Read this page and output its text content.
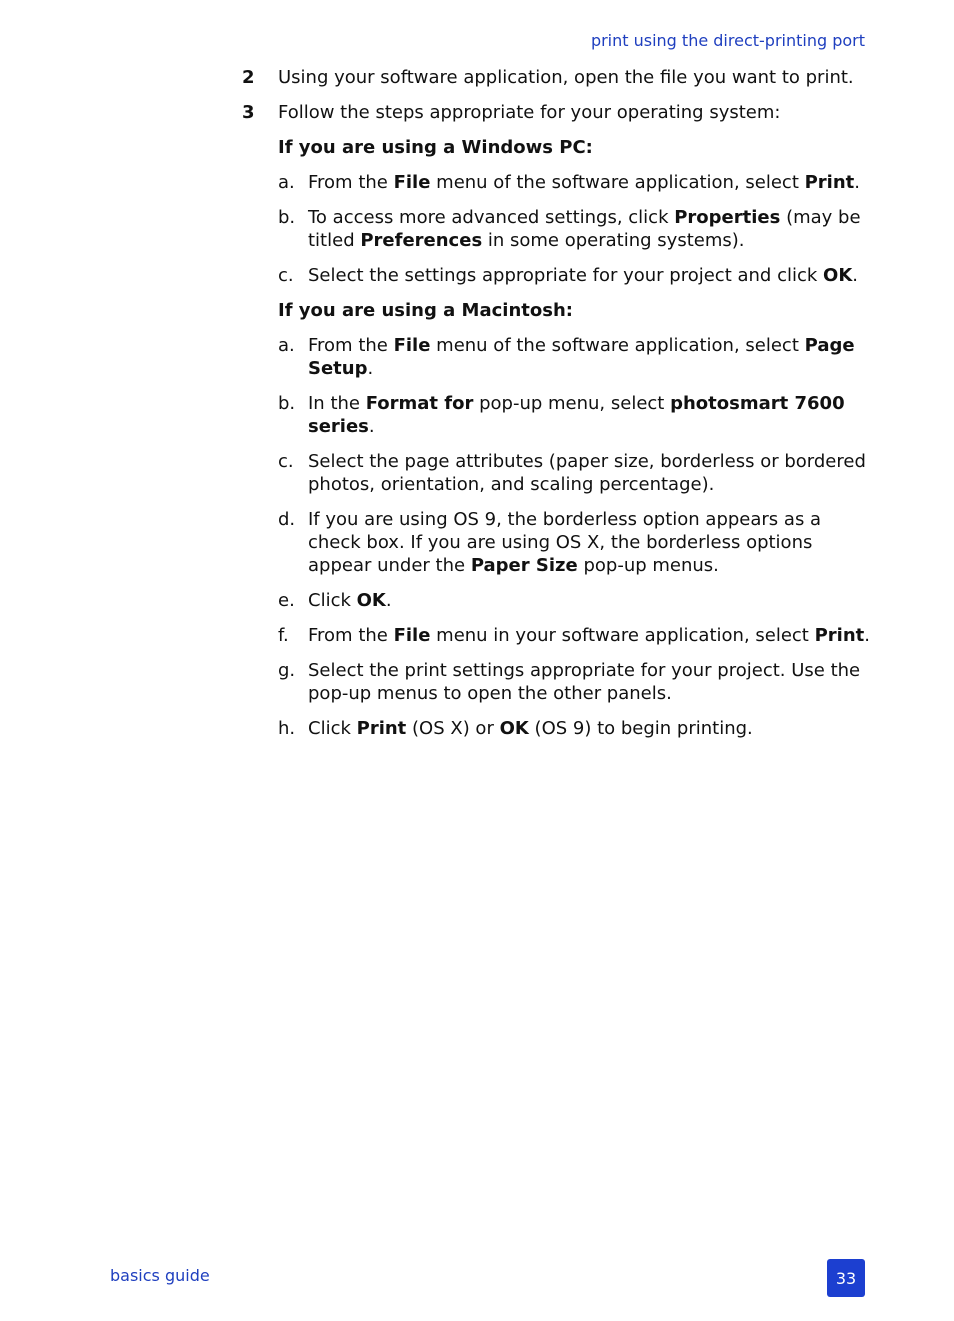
print using the direct-printing port
2 Using your software application, open the file you want to print.
3 Follow the steps appropriate for your operating system:
If you are using a Windows PC:
a. From the File menu of the software application, select Print.
b. To access more advanced settings, click Properties (may be titled Preferences in some operating systems).
c. Select the settings appropriate for your project and click OK.
If you are using a Macintosh:
a. From the File menu of the software application, select Page Setup.
b. In the Format for pop-up menu, select photosmart 7600 series.
c. Select the page attributes (paper size, borderless or bordered photos, orientation, and scaling percentage).
d. If you are using OS 9, the borderless option appears as a check box. If you are using OS X, the borderless options appear under the Paper Size pop-up menus.
e. Click OK.
f. From the File menu in your software application, select Print.
g. Select the print settings appropriate for your project. Use the pop-up menus to open the other panels.
h. Click Print (OS X) or OK (OS 9) to begin printing.
basics guide	33
